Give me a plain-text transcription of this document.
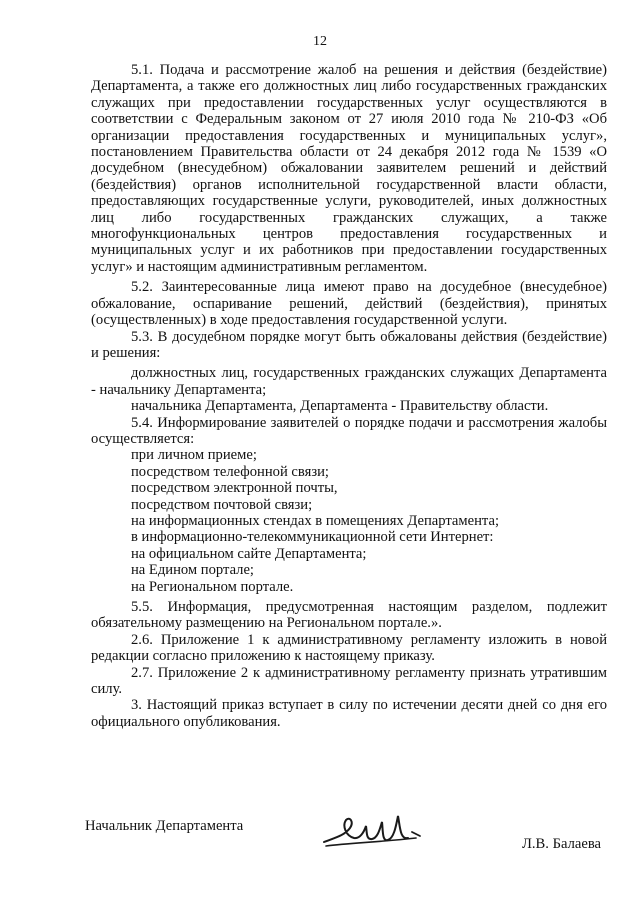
12

5.1. Подача и рассмотрение жалоб на решения и действия (бездействие) Департамента, а также его должностных лиц либо государственных гражданских служащих при предоставлении государственных услуг осуществляются в соответствии с Федеральным законом от 27 июля 2010 года № 210-ФЗ «Об организации предоставления государственных и муниципальных услуг», постановлением Правительства области от 24 декабря 2012 года № 1539 «О досудебном (внесудебном) обжаловании заявителем решений и действий (бездействия) органов исполнительной государственной власти области, предоставляющих государственные услуги, руководителей, иных должностных лиц либо государственных гражданских служащих, а также многофункциональных центров предоставления государственных и муниципальных услуг и их работников при предоставлении государственных услуг» и настоящим административным регламентом.

5.2. Заинтересованные лица имеют право на досудебное (внесудебное) обжалование, оспаривание решений, действий (бездействия), принятых (осуществленных) в ходе предоставления государственной услуги.

5.3. В досудебном порядке могут быть обжалованы действия (бездействие) и решения:

должностных лиц, государственных гражданских служащих Департамента - начальнику Департамента;

начальника Департамента, Департамента - Правительству области.

5.4. Информирование заявителей о порядке подачи и рассмотрения жалобы осуществляется:

при личном приеме;

посредством телефонной связи;

посредством электронной почты,

посредством почтовой связи;

на информационных стендах в помещениях Департамента;

в информационно-телекоммуникационной сети Интернет:

на официальном сайте Департамента;

на Едином портале;

на Региональном портале.

5.5. Информация, предусмотренная настоящим разделом, подлежит обязательному размещению на Региональном портале.».

2.6. Приложение 1 к административному регламенту изложить в новой редакции согласно приложению к настоящему приказу.

2.7. Приложение 2 к административному регламенту признать утратившим силу.

3. Настоящий приказ вступает в силу по истечении десяти дней со дня его официального опубликования.

Начальник Департамента
Л.В. Балаева
